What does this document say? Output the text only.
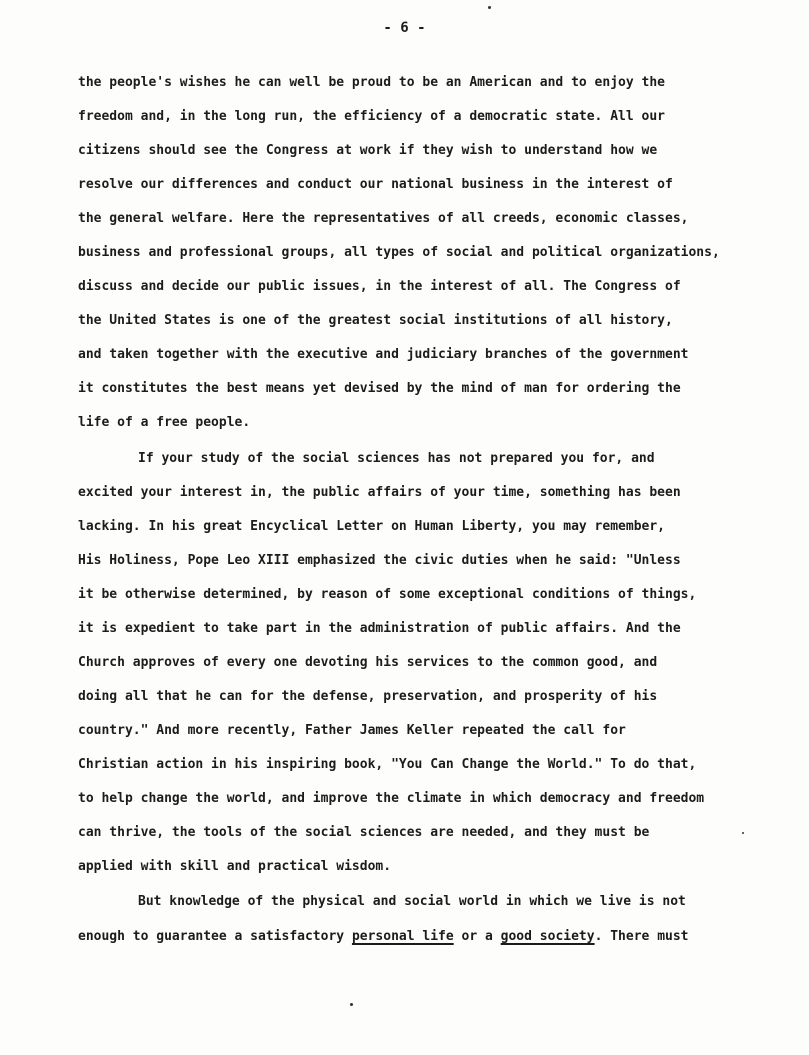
- 6 -
the people's wishes he can well be proud to be an American and to enjoy the
freedom and, in the long run, the efficiency of a democratic state. All our
citizens should see the Congress at work if they wish to understand how we
resolve our differences and conduct our national business in the interest of
the general welfare. Here the representatives of all creeds, economic classes,
business and professional groups, all types of social and political organizations,
discuss and decide our public issues, in the interest of all. The Congress of
the United States is one of the greatest social institutions of all history,
and taken together with the executive and judiciary branches of the government
it constitutes the best means yet devised by the mind of man for ordering the
life of a free people.
If your study of the social sciences has not prepared you for, and
excited your interest in, the public affairs of your time, something has been
lacking. In his great Encyclical Letter on Human Liberty, you may remember,
His Holiness, Pope Leo XIII emphasized the civic duties when he said: "Unless
it be otherwise determined, by reason of some exceptional conditions of things,
it is expedient to take part in the administration of public affairs. And the
Church approves of every one devoting his services to the common good, and
doing all that he can for the defense, preservation, and prosperity of his
country." And more recently, Father James Keller repeated the call for
Christian action in his inspiring book, "You Can Change the World." To do that,
to help change the world, and improve the climate in which democracy and freedom
can thrive, the tools of the social sciences are needed, and they must be
applied with skill and practical wisdom.
But knowledge of the physical and social world in which we live is not
enough to guarantee a satisfactory personal life or a good society. There must
